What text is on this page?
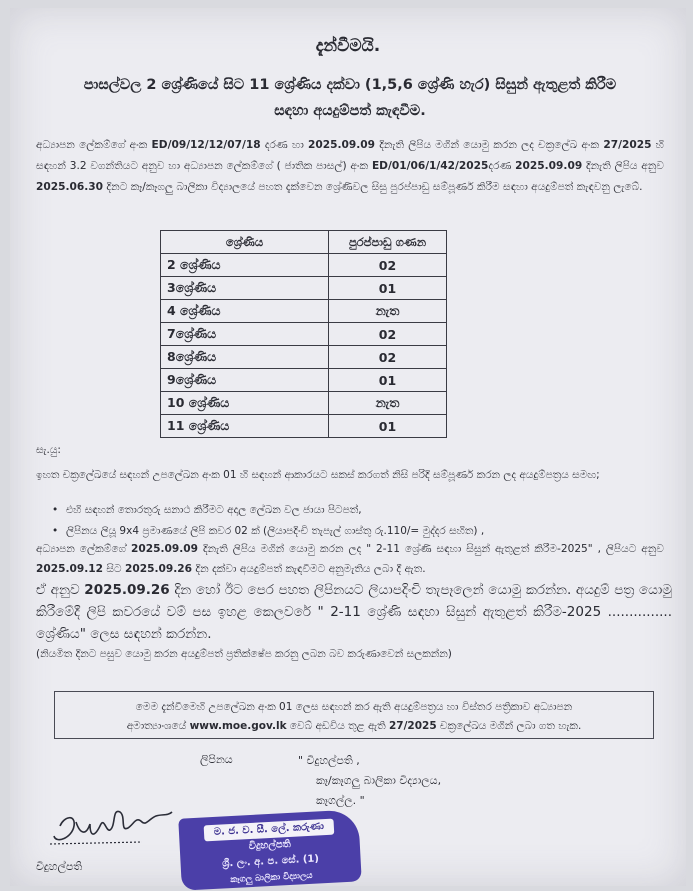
දැන්වීමයි.
පාසල්වල 2 ශ්‍රේණියේ සිට 11 ශ්‍රේණිය දක්වා (1,5,6 ශ්‍රේණි හැර) සිසුන් ඇතුළත් කිරීම
සඳහා අයදුම්පත් කැඳවීම.
අධ්‍යාපන ලේකම්ගේ අංක ED/09/12/12/07/18 දරණ හා 2025.09.09 දිනැති ලිපිය මගින් යොමු කරන ලද චක්‍රලේඛ අංක 27/2025 හි සඳහන් 3.2 වගන්තියට අනුව හා අධ්‍යාපන ලේකම්ගේ ( ජාතික පාසල්) අංක ED/01/06/1/42/2025දරණ 2025.09.09 දිනැති ලිපිය අනුව 2025.06.30 දිනට කෑ/කෑගලු බාලිකා විද්‍යාලයේ පහත දැක්වෙන ශ්‍රේණිවල සිසු පුරප්පාඩු සම්පූර්ණ කිරීම සඳහා අයදුම්පත් කැඳවනු ලැබේ.
ශ්‍රේණිය	පුරප්පාඩු ගණන
2 ශ්‍රේණිය	02
3ශ්‍රේණිය	01
4 ශ්‍රේණිය	නැත
7ශ්‍රේණිය	02
8ශ්‍රේණිය	02
9ශ්‍රේණිය	01
10 ශ්‍රේණිය	නැත
11 ශ්‍රේණිය	01
සැ.යු:
ඉහත චක්‍රලේඛයේ සඳහන් උපලේඛන අංක 01 හි සඳහන් ආකාරයට සකස් කරගත් නිසි පරිදි සම්පූර්ණ කරන ලද අයදුම්පත්‍රය සමඟ;
• එහි සඳහන් තොරතුරු සනාථ කිරීමට අදාල ලේඛන වල ජායා පිටපත්,
• ලිපිනය ලියූ 9x4 ප්‍රමාණයේ ලිපි කවර 02 ක් (ලියාපදිංචි තැපැල් ගාස්තු රු.110/= මුද්දර සහිත) ,
අධ්‍යාපන ලේකම්ගේ 2025.09.09 දිනැති ලිපිය මගින් යොමු කරන ලද " 2-11 ශ්‍රේණි සඳහා සිසුන් ඇතුළත් කිරීම-2025" , ලිපියට අනුව 2025.09.12 සිට 2025.09.26 දින දක්වා අයදුම්පත් කැඳවීමට අනුමැතිය ලබා දී ඇත.
ඒ අනුව 2025.09.26 දින හෝ ඊට පෙර පහත ලිපිනයට ලියාපදිංචි තැපෑලෙන් යොමු කරන්න. අයදුම් පත්‍ර යොමු කිරීමේදී ලිපි කවරයේ වම් පස ඉහළ කෙලවරේ " 2-11 ශ්‍රේණි සඳහා සිසුන් ඇතුළත් කිරීම-2025 ............... ශ්‍රේණිය" ලෙස සඳහන් කරන්න.
(නියමිත දිනට පසුව යොමු කරන අයදුම්පත් ප්‍රතික්ෂේප කරනු ලබන බව කරුණාවෙන් සලකන්න)
මෙම දැන්වීමෙහි උපලේඛන අංක 01 ලෙස සඳහන් කර ඇති අයදුම්පත්‍රය හා විස්තර පත්‍රිකාව අධ්‍යාපන
අමාත්‍යාංශයේ www.moe.gov.lk වෙබ් අඩවිය තුළ ඇති 27/2025 චක්‍රලේඛය මගින් ලබා ගත හැක.
ලිපිනය	" විදුහල්පති ,
කෑ/කෑගලු බාලිකා විද්‍යාලය,
කෑගල්ල. "
ම. ජ. ව. සී. ලේ. කරුණා
විදුහල්පති
ශ්‍රී. ලං. අ. ප. සේ. (1)
කෑගලු බාලිකා විද්‍යාලය
විදුහල්පති
